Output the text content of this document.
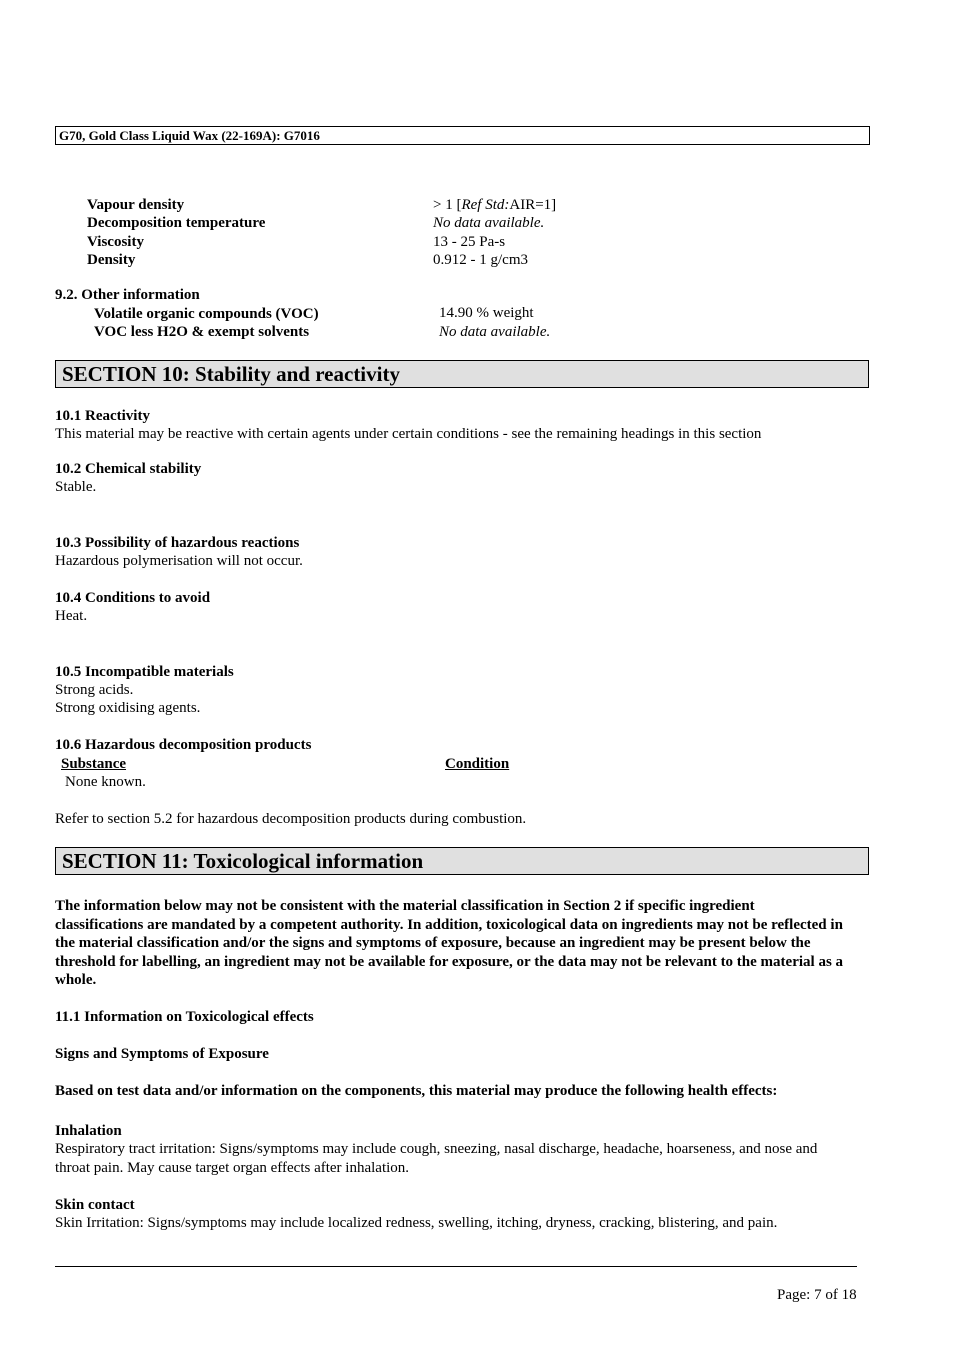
G70, Gold Class Liquid Wax (22-169A): G7016
Vapour density	> 1 [Ref Std:AIR=1]
Decomposition temperature	No data available.
Viscosity	13 - 25 Pa-s
Density	0.912 - 1 g/cm3
9.2. Other information
Volatile organic compounds (VOC)	14.90 % weight
VOC less H2O & exempt solvents	No data available.
SECTION 10: Stability and reactivity
10.1 Reactivity
This material may be reactive with certain agents under certain conditions - see the remaining headings in this section
10.2 Chemical stability
Stable.
10.3 Possibility of hazardous reactions
Hazardous polymerisation will not occur.
10.4 Conditions to avoid
Heat.
10.5 Incompatible materials
Strong acids.
Strong oxidising agents.
10.6 Hazardous decomposition products
Substance	Condition
None known.
Refer to section 5.2 for hazardous decomposition products during combustion.
SECTION 11: Toxicological information
The information below may not be consistent with the material classification in Section 2 if specific ingredient classifications are mandated by a competent authority. In addition, toxicological data on ingredients may not be reflected in the material classification and/or the signs and symptoms of exposure, because an ingredient may be present below the threshold for labelling, an ingredient may not be available for exposure, or the data may not be relevant to the material as a whole.
11.1 Information on Toxicological effects
Signs and Symptoms of Exposure
Based on test data and/or information on the components, this material may produce the following health effects:
Inhalation
Respiratory tract irritation: Signs/symptoms may include cough, sneezing, nasal discharge, headache, hoarseness, and nose and throat pain. May cause target organ effects after inhalation.
Skin contact
Skin Irritation: Signs/symptoms may include localized redness, swelling, itching, dryness, cracking, blistering, and pain.
Page: 7 of 18
